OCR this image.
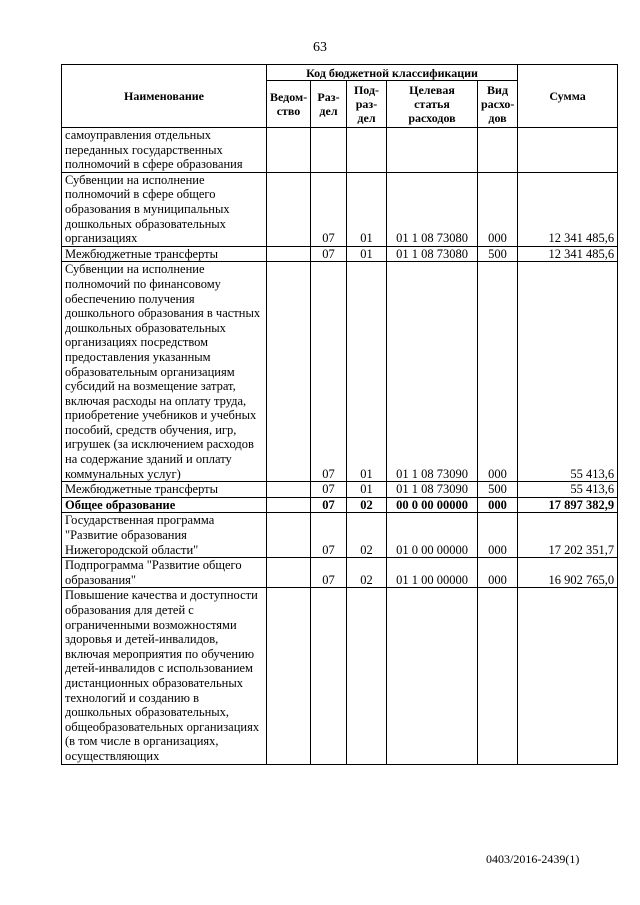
63
Наименование	Код бюджетной классификации					Сумма
	Ведом-ство	Раз-дел	Под-раз-дел	Целевая статья расходов	Вид расхо-дов	
самоуправления отдельных переданных государственных полномочий в сфере образования						
Субвенции на исполнение полномочий в сфере общего образования в муниципальных дошкольных образовательных организациях		07	01	01 1 08 73080	000	12 341 485,6
Межбюджетные трансферты		07	01	01 1 08 73080	500	12 341 485,6
Субвенции на исполнение полномочий по финансовому обеспечению получения дошкольного образования в частных дошкольных образовательных организациях посредством предоставления указанным образовательным организациям субсидий на возмещение затрат, включая расходы на оплату труда, приобретение учебников и учебных пособий, средств обучения, игр, игрушек (за исключением расходов на содержание зданий и оплату коммунальных услуг)		07	01	01 1 08 73090	000	55 413,6
Межбюджетные трансферты		07	01	01 1 08 73090	500	55 413,6
Общее образование		07	02	00 0 00 00000	000	17 897 382,9
Государственная программа "Развитие образования Нижегородской области"		07	02	01 0 00 00000	000	17 202 351,7
Подпрограмма "Развитие общего образования"		07	02	01 1 00 00000	000	16 902 765,0
Повышение качества и доступности образования для детей с ограниченными возможностями здоровья и детей-инвалидов, включая мероприятия по обучению детей-инвалидов с использованием дистанционных образовательных технологий и созданию в дошкольных образовательных, общеобразовательных организациях (в том числе в организациях, осуществляющих						
0403/2016-2439(1)
